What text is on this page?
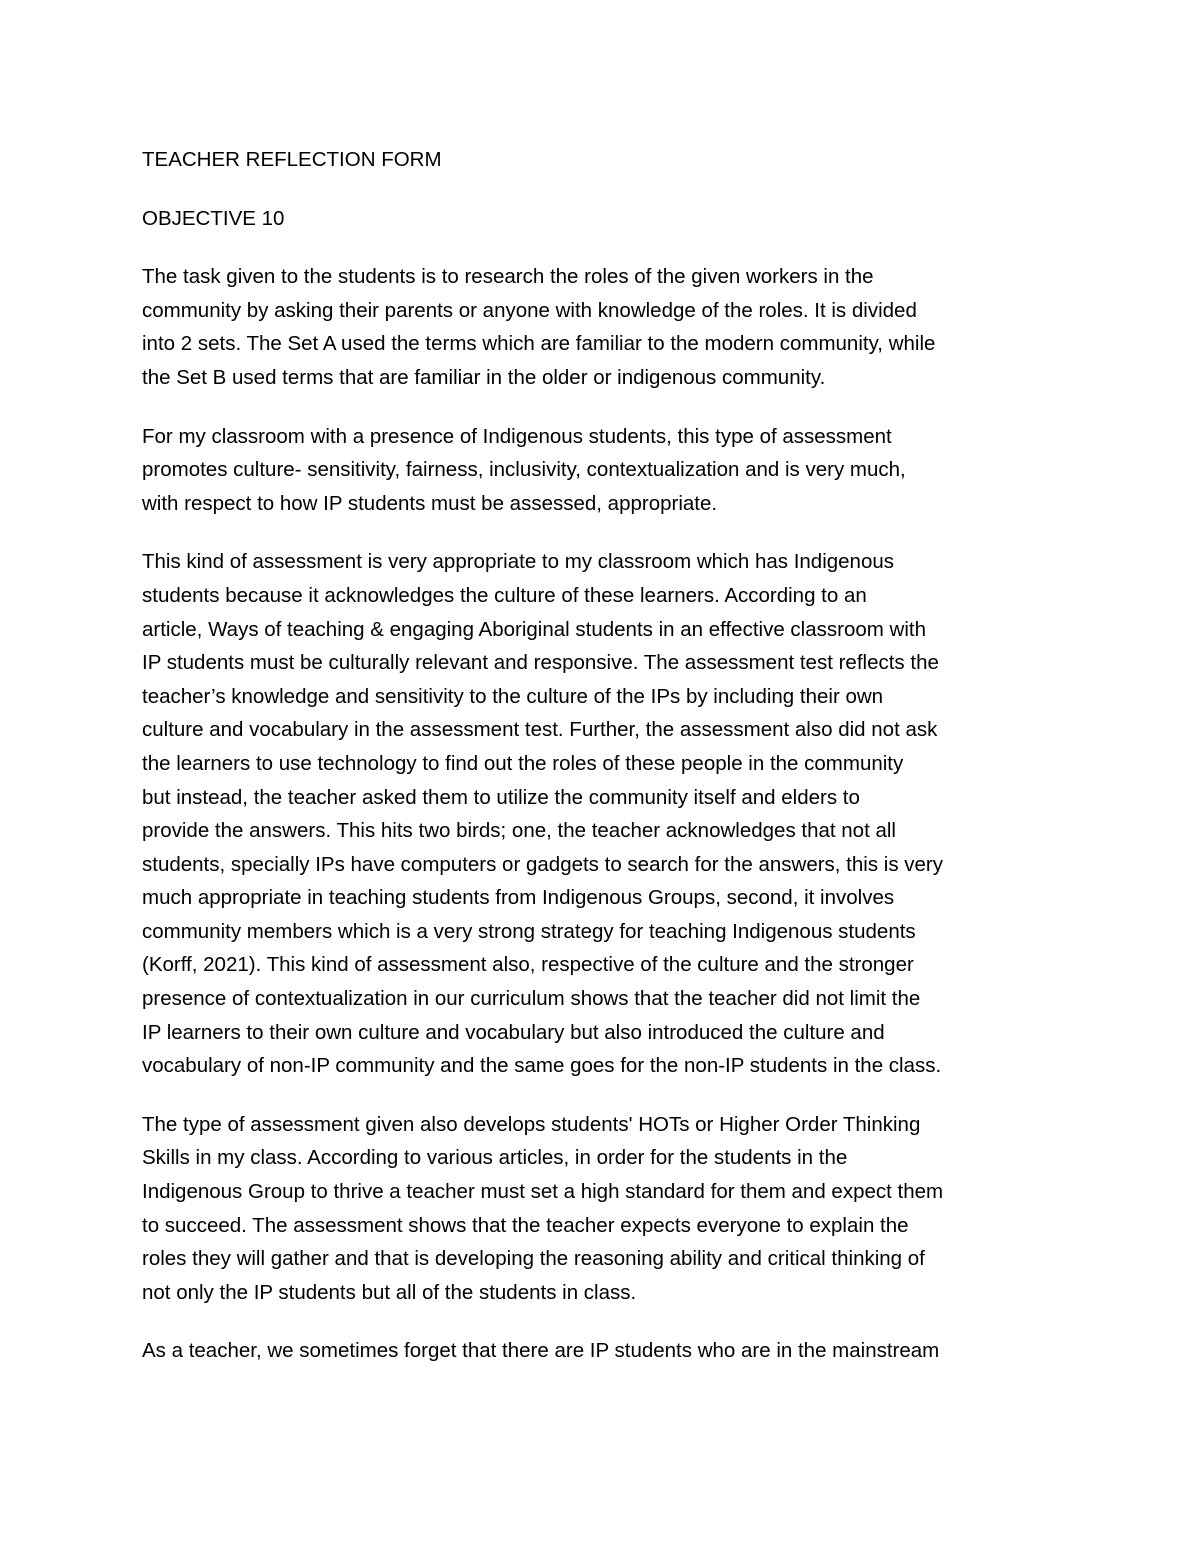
TEACHER REFLECTION FORM
OBJECTIVE 10
The task given to the students is to research the roles of the given workers in the
community by asking their parents or anyone with knowledge of the roles. It is divided
into 2 sets. The Set A used the terms which are familiar to the modern community, while
the Set B used terms that are familiar in the older or indigenous community.
For my classroom with a presence of Indigenous students, this type of assessment
promotes culture- sensitivity, fairness, inclusivity, contextualization and is very much,
with respect to how IP students must be assessed, appropriate.
This kind of assessment is very appropriate to my classroom which has Indigenous
students because it acknowledges the culture of these learners. According to an
article, Ways of teaching & engaging Aboriginal students in an effective classroom with
IP students must be culturally relevant and responsive. The assessment test reflects the
teacher’s knowledge and sensitivity to the culture of the IPs by including their own
culture and vocabulary in the assessment test. Further, the assessment also did not ask
the learners to use technology to find out the roles of these people in the community
but instead, the teacher asked them to utilize the community itself and elders to
provide the answers. This hits two birds; one, the teacher acknowledges that not all
students, specially IPs have computers or gadgets to search for the answers, this is very
much appropriate in teaching students from Indigenous Groups, second, it involves
community members which is a very strong strategy for teaching Indigenous students
(Korff, 2021). This kind of assessment also, respective of the culture and the stronger
presence of contextualization in our curriculum shows that the teacher did not limit the
IP learners to their own culture and vocabulary but also introduced the culture and
vocabulary of non-IP community and the same goes for the non-IP students in the class.
The type of assessment given also develops students' HOTs or Higher Order Thinking
Skills in my class. According to various articles, in order for the students in the
Indigenous Group to thrive a teacher must set a high standard for them and expect them
to succeed. The assessment shows that the teacher expects everyone to explain the
roles they will gather and that is developing the reasoning ability and critical thinking of
not only the IP students but all of the students in class.
As a teacher, we sometimes forget that there are IP students who are in the mainstream
